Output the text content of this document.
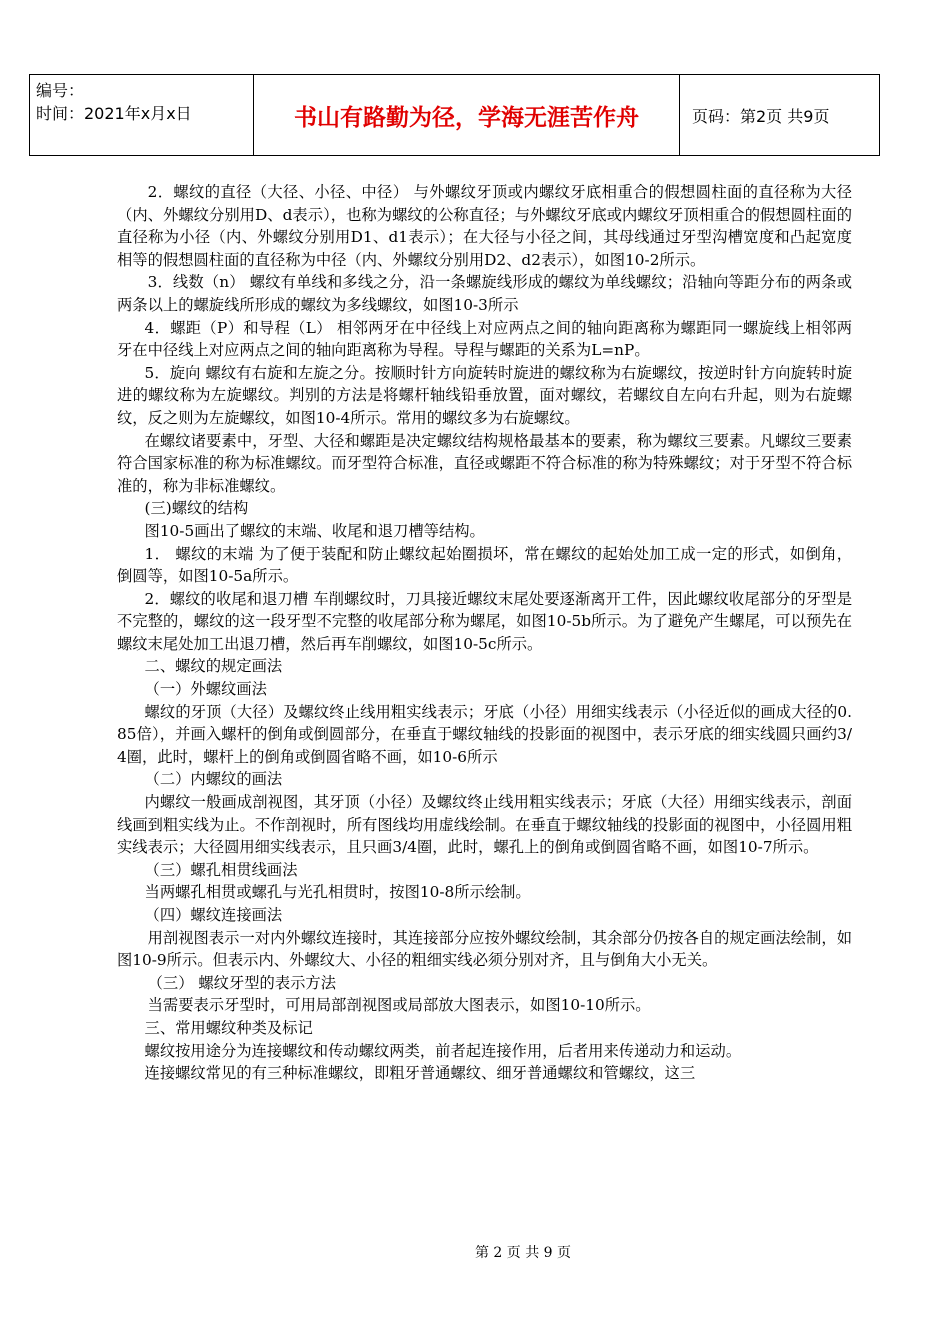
编号：
时间：2021年x月x日	书山有路勤为径，学海无涯苦作舟	页码：第2页 共9页

2．螺纹的直径（大径、小径、中径） 与外螺纹牙顶或内螺纹牙底相重合的假想圆柱面的直径称为大径（内、外螺纹分别用D、d表示），也称为螺纹的公称直径；与外螺纹牙底或内螺纹牙顶相重合的假想圆柱面的直径称为小径（内、外螺纹分别用D1、d1表示）；在大径与小径之间，其母线通过牙型沟槽宽度和凸起宽度相等的假想圆柱面的直径称为中径（内、外螺纹分别用D2、d2表示），如图10-2所示。

3．线数（n） 螺纹有单线和多线之分，沿一条螺旋线形成的螺纹为单线螺纹；沿轴向等距分布的两条或两条以上的螺旋线所形成的螺纹为多线螺纹，如图10-3所示

4．螺距（P）和导程（L） 相邻两牙在中径线上对应两点之间的轴向距离称为螺距同一螺旋线上相邻两牙在中径线上对应两点之间的轴向距离称为导程。导程与螺距的关系为L=nP。

5．旋向 螺纹有右旋和左旋之分。按顺时针方向旋转时旋进的螺纹称为右旋螺纹，按逆时针方向旋转时旋进的螺纹称为左旋螺纹。判别的方法是将螺杆轴线铅垂放置，面对螺纹，若螺纹自左向右升起，则为右旋螺纹，反之则为左旋螺纹，如图10-4所示。常用的螺纹多为右旋螺纹。

在螺纹诸要素中，牙型、大径和螺距是决定螺纹结构规格最基本的要素，称为螺纹三要素。凡螺纹三要素符合国家标准的称为标准螺纹。而牙型符合标准，直径或螺距不符合标准的称为特殊螺纹；对于牙型不符合标准的，称为非标准螺纹。

(三)螺纹的结构

图10-5画出了螺纹的末端、收尾和退刀槽等结构。

1． 螺纹的末端 为了便于装配和防止螺纹起始圈损坏，常在螺纹的起始处加工成一定的形式，如倒角，倒圆等，如图10-5a所示。

2．螺纹的收尾和退刀槽 车削螺纹时，刀具接近螺纹末尾处要逐渐离开工件，因此螺纹收尾部分的牙型是不完整的，螺纹的这一段牙型不完整的收尾部分称为螺尾，如图10-5b所示。为了避免产生螺尾，可以预先在螺纹末尾处加工出退刀槽，然后再车削螺纹，如图10-5c所示。

二、螺纹的规定画法

（一）外螺纹画法

螺纹的牙顶（大径）及螺纹终止线用粗实线表示；牙底（小径）用细实线表示（小径近似的画成大径的0.85倍），并画入螺杆的倒角或倒圆部分，在垂直于螺纹轴线的投影面的视图中，表示牙底的细实线圆只画约3/4圈，此时，螺杆上的倒角或倒圆省略不画，如10-6所示

（二）内螺纹的画法

内螺纹一般画成剖视图，其牙顶（小径）及螺纹终止线用粗实线表示；牙底（大径）用细实线表示，剖面线画到粗实线为止。不作剖视时，所有图线均用虚线绘制。在垂直于螺纹轴线的投影面的视图中，小径圆用粗实线表示；大径圆用细实线表示，且只画3/4圈，此时，螺孔上的倒角或倒圆省略不画，如图10-7所示。

（三）螺孔相贯线画法

当两螺孔相贯或螺孔与光孔相贯时，按图10-8所示绘制。

（四）螺纹连接画法

用剖视图表示一对内外螺纹连接时，其连接部分应按外螺纹绘制，其余部分仍按各自的规定画法绘制，如图10-9所示。但表示内、外螺纹大、小径的粗细实线必须分别对齐，且与倒角大小无关。

（三） 螺纹牙型的表示方法

当需要表示牙型时，可用局部剖视图或局部放大图表示，如图10-10所示。

三、常用螺纹种类及标记

螺纹按用途分为连接螺纹和传动螺纹两类，前者起连接作用，后者用来传递动力和运动。

连接螺纹常见的有三种标准螺纹，即粗牙普通螺纹、细牙普通螺纹和管螺纹，这三

第 2 页 共 9 页
